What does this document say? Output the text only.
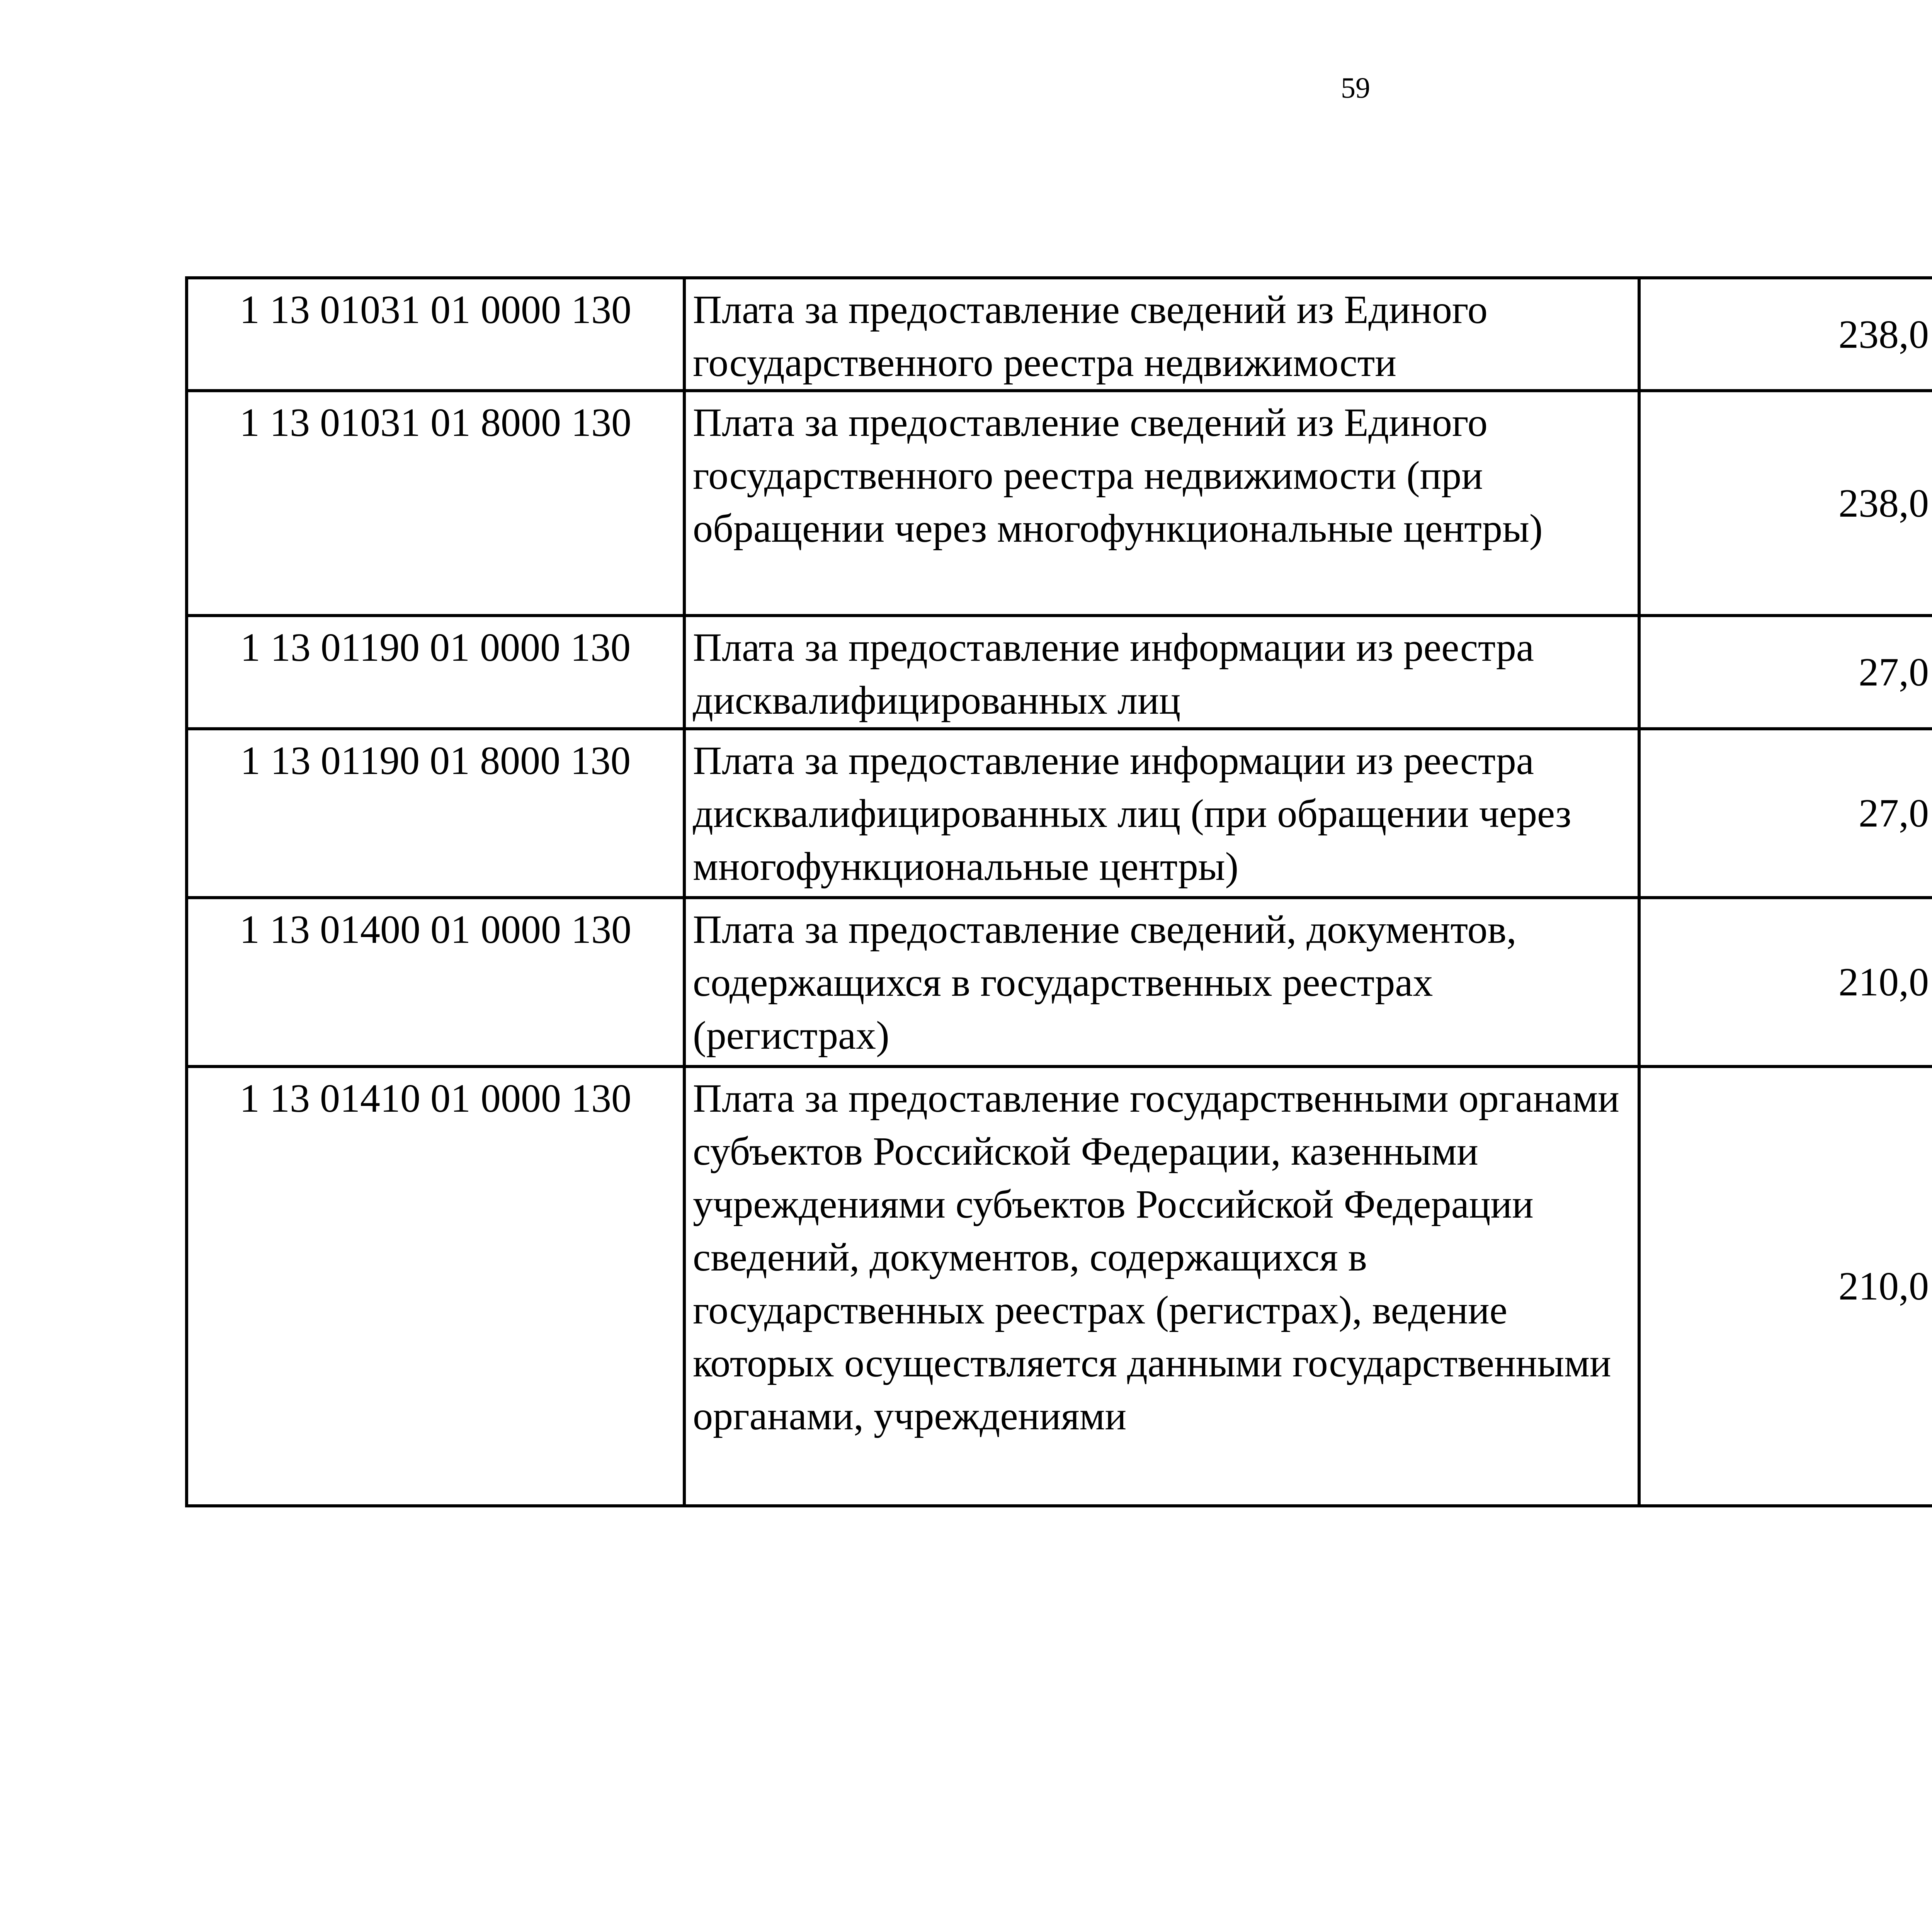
59
1 13 01031 01 0000 130	Плата за предоставление сведений из Единого государственного реестра недвижимости	238,0		
1 13 01031 01 8000 130	Плата за предоставление сведений из Единого государственного реестра недвижимости (при обращении через многофункциональные центры)	238,0		
1 13 01190 01 0000 130	Плата за предоставление информации из реестра дисквалифицированных лиц	27,0		
1 13 01190 01 8000 130	Плата за предоставление информации из реестра дисквалифицированных лиц (при обращении через многофункциональные центры)	27,0		
1 13 01400 01 0000 130	Плата за предоставление сведений, документов, содержащихся в государственных реестрах (регистрах)	210,0		
1 13 01410 01 0000 130	Плата за предоставление государственными органами субъектов Российской Федерации, казенными учреждениями субъектов Российской Федерации сведений, документов, содержащихся в государственных реестрах (регистрах), ведение которых осуществляется данными государственными органами, учреждениями	210,0		
